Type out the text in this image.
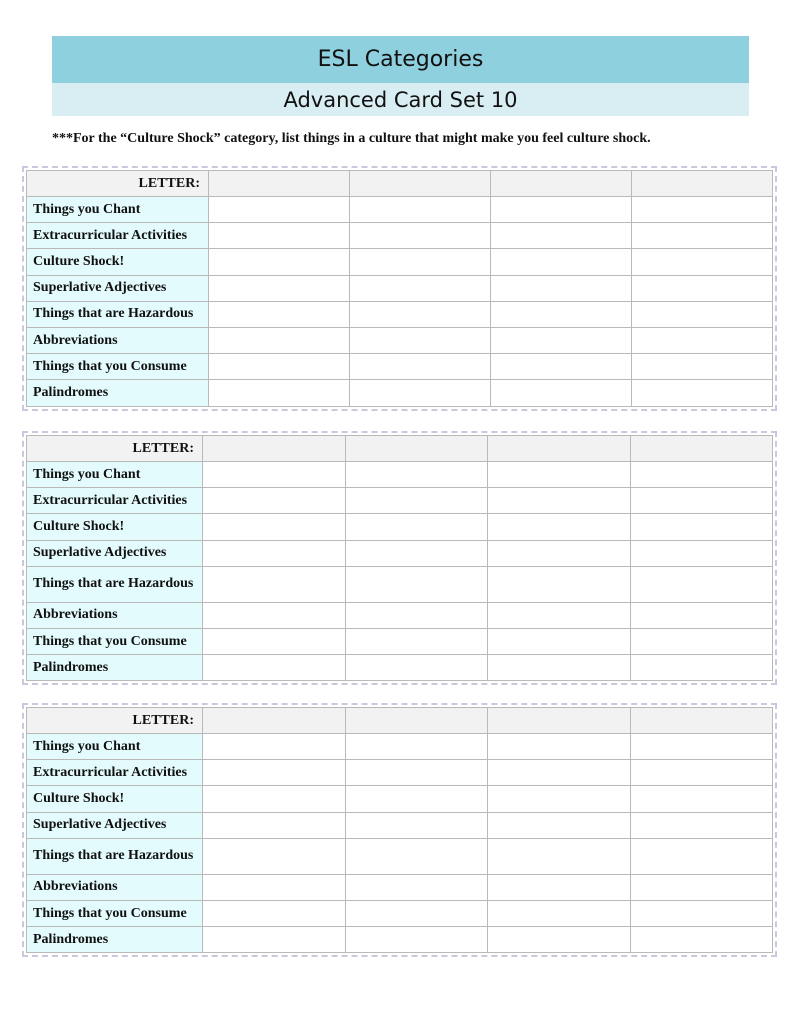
ESL Categories
Advanced Card Set 10
***For the “Culture Shock” category, list things in a culture that might make you feel culture shock.
LETTER:				
Things you Chant				
Extracurricular Activities				
Culture Shock!				
Superlative Adjectives				
Things that are Hazardous				
Abbreviations				
Things that you Consume				
Palindromes				
LETTER:				
Things you Chant				
Extracurricular Activities				
Culture Shock!				
Superlative Adjectives				
Things that are Hazardous				
Abbreviations				
Things that you Consume				
Palindromes				
LETTER:				
Things you Chant				
Extracurricular Activities				
Culture Shock!				
Superlative Adjectives				
Things that are Hazardous				
Abbreviations				
Things that you Consume				
Palindromes				
